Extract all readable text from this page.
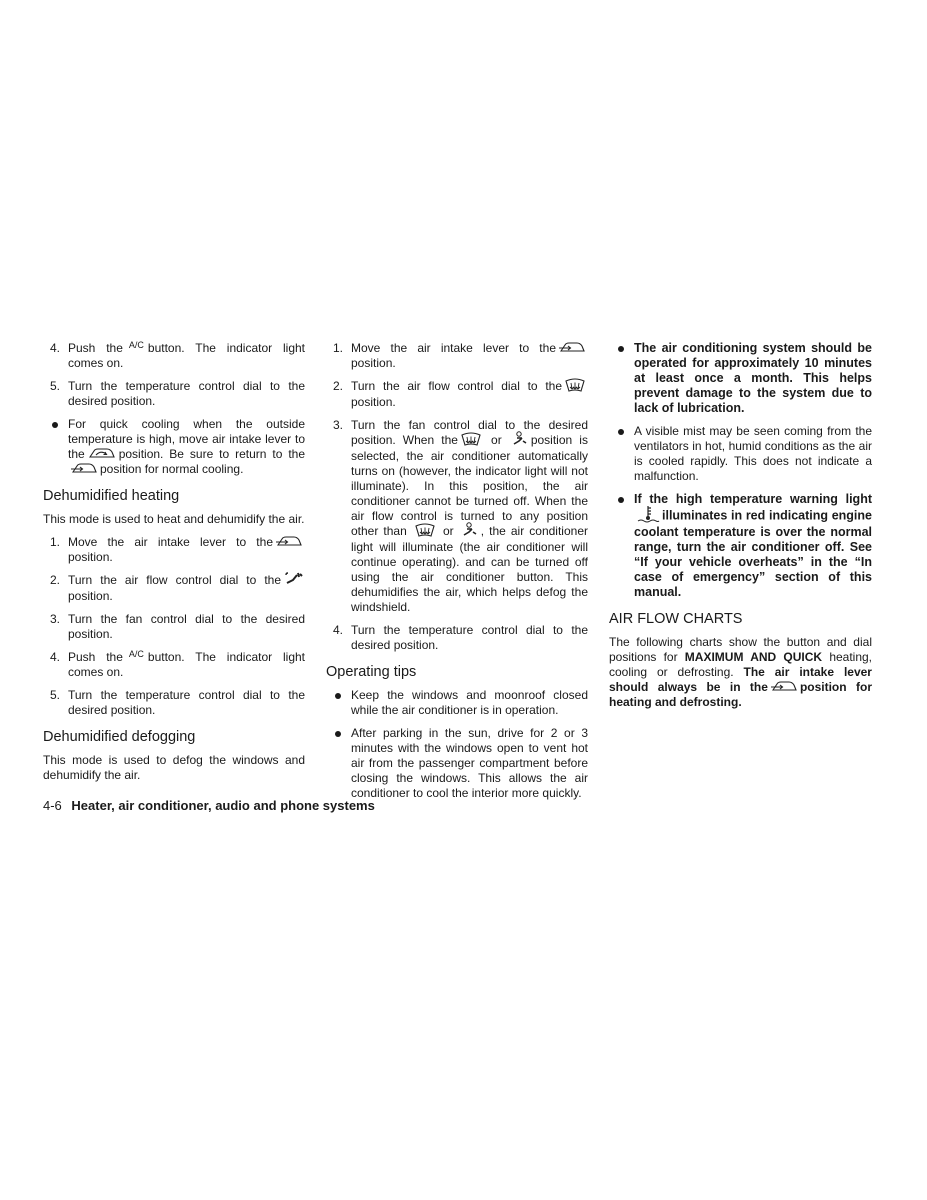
4. Push the $^{A/C}$ button. The indicator light comes on.
5. Turn the temperature control dial to the desired position.
For quick cooling when the outside temperature is high, move air intake lever to the	position. Be sure to return to the
position for normal cooling.
Dehumidified heating

This mode is used to heat and dehumidify the air.

1. Move the air intake lever to the
position.
2. Turn the air flow control dial to the
position.
3. Turn the fan control dial to the desired position.
4. Push the $^{A/C}$ button. The indicator light comes on.
5. Turn the temperature control dial to the desired position.
Dehumidified defogging

This mode is used to defog the windows and dehumidify the air.

1. Move the air intake lever to the
position.
2. Turn the air flow control dial to the
position.
3. Turn the fan control dial to the desired position. When the	or position is selected, the air conditioner automatically turns on (however, the indicator light will not illuminate). In this position, the air conditioner cannot be turned off. When the air flow control is turned to any position other than	or , the air conditioner light will illuminate (the air conditioner will continue operating). and can be turned off using the air conditioner button. This dehumidifies the air, which helps defog the windshield.
4. Turn the temperature control dial to the desired position.
Operating tips
Keep the windows and moonroof closed while the air conditioner is in operation.
After parking in the sun, drive for 2 or 3 minutes with the windows open to vent hot air from the passenger compartment before closing the windows. This allows the air conditioner to cool the interior more quickly.
The air conditioning system should be operated for approximately 10 minutes at least once a month. This helps prevent damage to the system due to lack of lubrication.
A visible mist may be seen coming from the ventilators in hot, humid conditions as the air is cooled rapidly. This does not indicate a malfunction.
If the high temperature warning light
illuminates in red indicating engine coolant temperature is over the normal range, turn the air conditioner off. See “If your vehicle overheats” in the “In case of emergency” section of this manual.
AIR FLOW CHARTS

The following charts show the button and dial positions for MAXIMUM AND QUICK heating, cooling or defrosting. The air intake lever should always be in the	position for heating and defrosting.

4-6 Heater, air conditioner, audio and phone systems
